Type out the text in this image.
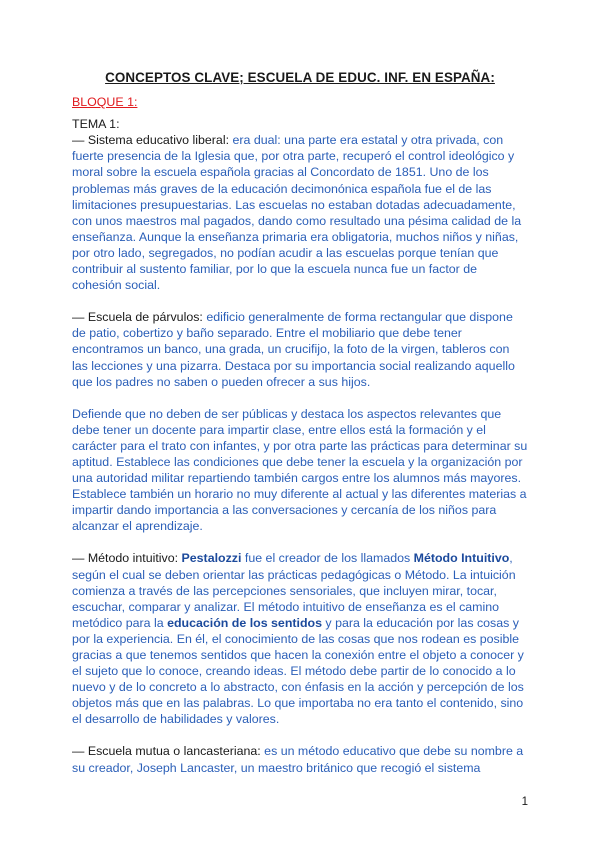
CONCEPTOS CLAVE; ESCUELA DE EDUC. INF. EN ESPAÑA:
BLOQUE 1:
TEMA 1:

— Sistema educativo liberal: era dual: una parte era estatal y otra privada, con fuerte presencia de la Iglesia que, por otra parte, recuperó el control ideológico y moral sobre la escuela española gracias al Concordato de 1851. Uno de los problemas más graves de la educación decimonónica española fue el de las limitaciones presupuestarias. Las escuelas no estaban dotadas adecuadamente, con unos maestros mal pagados, dando como resultado una pésima calidad de la enseñanza. Aunque la enseñanza primaria era obligatoria, muchos niños y niñas, por otro lado, segregados, no podían acudir a las escuelas porque tenían que contribuir al sustento familiar, por lo que la escuela nunca fue un factor de cohesión social.

— Escuela de párvulos: edificio generalmente de forma rectangular que dispone de patio, cobertizo y baño separado. Entre el mobiliario que debe tener encontramos un banco, una grada, un crucifijo, la foto de la virgen, tableros con las lecciones y una pizarra. Destaca por su importancia social realizando aquello que los padres no saben o pueden ofrecer a sus hijos.

Defiende que no deben de ser públicas y destaca los aspectos relevantes que debe tener un docente para impartir clase, entre ellos está la formación y el carácter para el trato con infantes, y por otra parte las prácticas para determinar su aptitud. Establece las condiciones que debe tener la escuela y la organización por una autoridad militar repartiendo también cargos entre los alumnos más mayores. Establece también un horario no muy diferente al actual y las diferentes materias a impartir dando importancia a las conversaciones y cercanía de los niños para alcanzar el aprendizaje.

— Método intuitivo: Pestalozzi fue el creador de los llamados Método Intuitivo, según el cual se deben orientar las prácticas pedagógicas o Método. La intuición comienza a través de las percepciones sensoriales, que incluyen mirar, tocar, escuchar, comparar y analizar. El método intuitivo de enseñanza es el camino metódico para la educación de los sentidos y para la educación por las cosas y por la experiencia. En él, el conocimiento de las cosas que nos rodean es posible gracias a que tenemos sentidos que hacen la conexión entre el objeto a conocer y el sujeto que lo conoce, creando ideas. El método debe partir de lo conocido a lo nuevo y de lo concreto a lo abstracto, con énfasis en la acción y percepción de los objetos más que en las palabras. Lo que importaba no era tanto el contenido, sino el desarrollo de habilidades y valores.

— Escuela mutua o lancasteriana: es un método educativo que debe su nombre a su creador, Joseph Lancaster, un maestro británico que recogió el sistema

1
